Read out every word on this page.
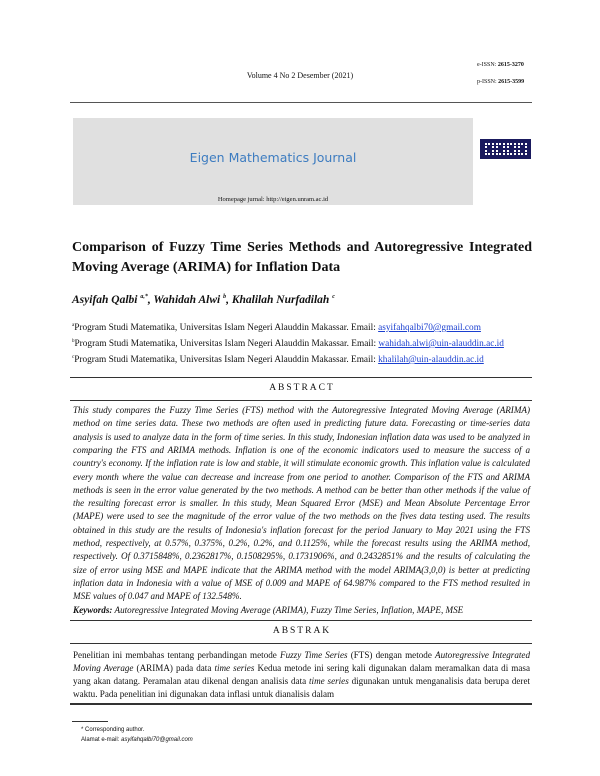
Volume 4 No 2 Desember (2021)
e-ISSN: 2615-3270
p-ISSN: 2615-3599
Eigen Mathematics Journal
Homepage jurnal: http://eigen.unram.ac.id
Comparison of Fuzzy Time Series Methods and Autoregressive Integrated Moving Average (ARIMA) for Inflation Data
Asyifah Qalbi $^{a,*}$, Wahidah Alwi $^b$, Khalilah Nurfadilah $^c$
$^a$Program Studi Matematika, Universitas Islam Negeri Alauddin Makassar. Email: asyifahqalbi70@gmail.com
$^b$Program Studi Matematika, Universitas Islam Negeri Alauddin Makassar. Email: wahidah.alwi@uin-alauddin.ac.id
$^c$Program Studi Matematika, Universitas Islam Negeri Alauddin Makassar. Email: khalilah@uin-alauddin.ac.id
ABSTRACT
This study compares the Fuzzy Time Series (FTS) method with the Autoregressive Integrated Moving Average (ARIMA) method on time series data. These two methods are often used in predicting future data. Forecasting or time-series data analysis is used to analyze data in the form of time series. In this study, Indonesian inflation data was used to be analyzed in comparing the FTS and ARIMA methods. Inflation is one of the economic indicators used to measure the success of a country's economy. If the inflation rate is low and stable, it will stimulate economic growth. This inflation value is calculated every month where the value can decrease and increase from one period to another. Comparison of the FTS and ARIMA methods is seen in the error value generated by the two methods. A method can be better than other methods if the value of the resulting forecast error is smaller. In this study, Mean Squared Error (MSE) and Mean Absolute Percentage Error (MAPE) were used to see the magnitude of the error value of the two methods on the fives data testing used. The results obtained in this study are the results of Indonesia's inflation forecast for the period January to May 2021 using the FTS method, respectively, at 0.57%, 0.375%, 0.2%, 0.2%, and 0.1125%, while the forecast results using the ARIMA method, respectively. Of 0.3715848%, 0.2362817%, 0.1508295%, 0.1731906%, and 0.2432851% and the results of calculating the size of error using MSE and MAPE indicate that the ARIMA method with the model ARIMA(3,0,0) is better at predicting inflation data in Indonesia with a value of MSE of 0.009 and MAPE of 64.987% compared to the FTS method resulted in MSE values of 0.047 and MAPE of 132.548%.
Keywords: Autoregressive Integrated Moving Average (ARIMA), Fuzzy Time Series, Inflation, MAPE, MSE
ABSTRAK
Penelitian ini membahas tentang perbandingan metode Fuzzy Time Series (FTS) dengan metode Autoregressive Integrated Moving Average (ARIMA) pada data time series Kedua metode ini sering kali digunakan dalam meramalkan data di masa yang akan datang. Peramalan atau dikenal dengan analisis data time series digunakan untuk menganalisis data berupa deret waktu. Pada penelitian ini digunakan data inflasi untuk dianalisis dalam
* Corresponding author.
Alamat e-mail: asyifahqalbi70@gmail.com
